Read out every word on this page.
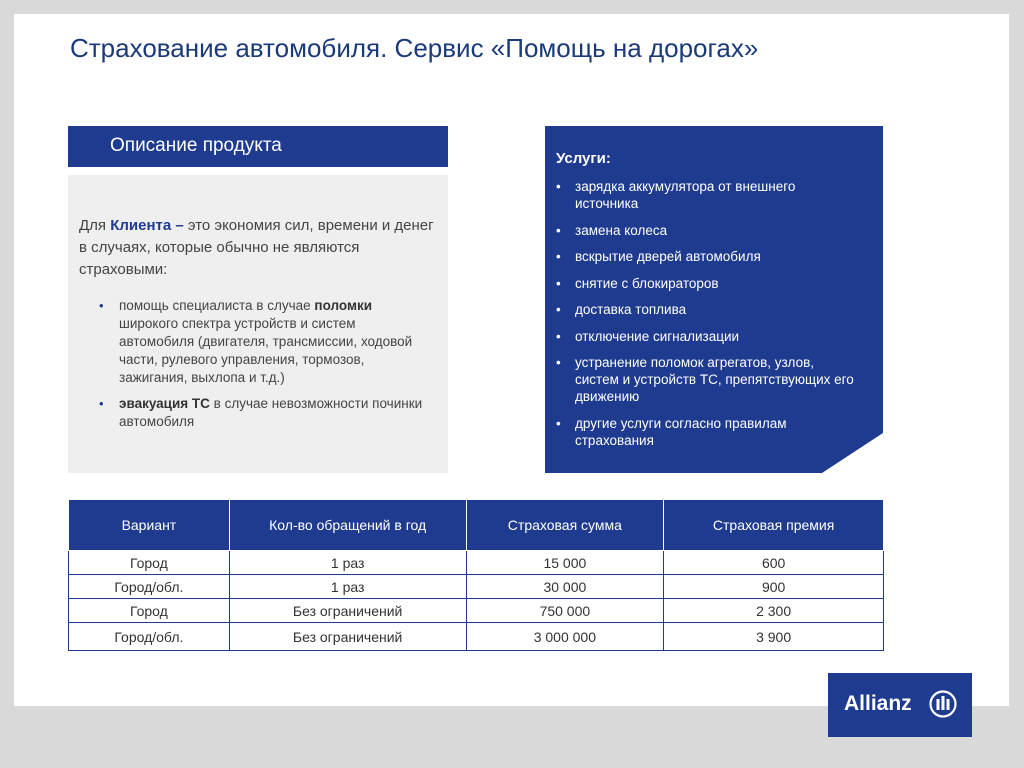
Страхование автомобиля. Сервис «Помощь на дорогах»
Описание продукта
Для Клиента – это экономия сил, времени и денег в случаях, которые обычно не являются страховыми:
• помощь специалиста в случае поломки широкого спектра устройств и систем автомобиля (двигателя, трансмиссии, ходовой части, рулевого управления, тормозов, зажигания, выхлопа и т.д.)
• эвакуация ТС в случае невозможности починки автомобиля
Услуги:
• зарядка аккумулятора от внешнего источника
• замена колеса
• вскрытие дверей автомобиля
• снятие с блокираторов
• доставка топлива
• отключение сигнализации
• устранение поломок агрегатов, узлов, систем и устройств ТС, препятствующих его движению
• другие услуги согласно правилам страхования
Вариант	Кол-во обращений в год	Страховая сумма	Страховая премия
Город	1 раз	15 000	600
Город/обл.	1 раз	30 000	900
Город	Без ограничений	750 000	2 300
Город/обл.	Без ограничений	3 000 000	3 900
Allianz
